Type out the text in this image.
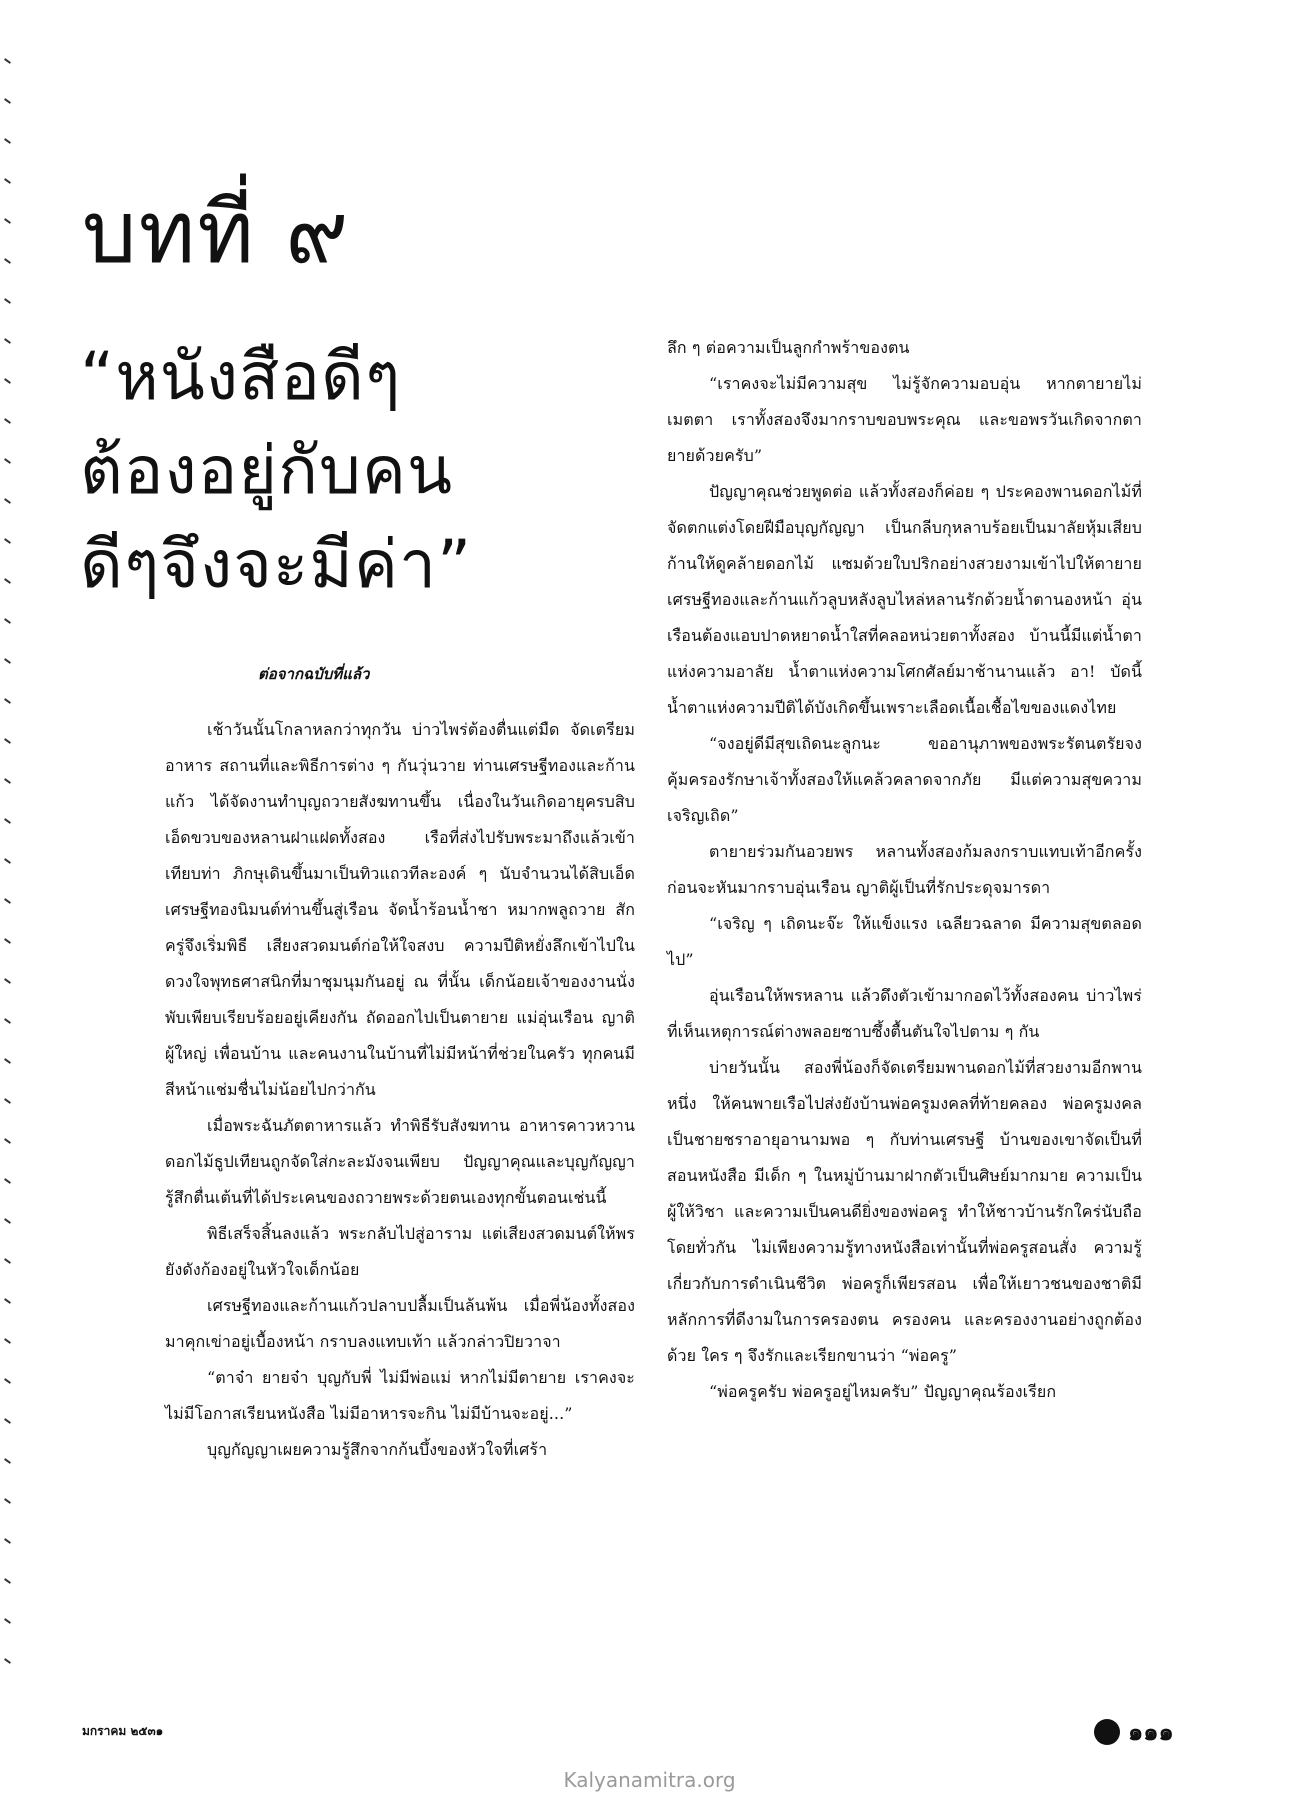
บทที่ ๙
“หนังสือดีๆ
ต้องอยู่กับคน
ดีๆจึงจะมีค่า”
ต่อจากฉบับที่แล้ว

เช้าวันนั้นโกลาหลกว่าทุกวัน บ่าวไพร่ต้องตื่นแต่มืด จัดเตรียมอาหาร สถานที่และพิธีการต่าง ๆ กันวุ่นวาย ท่านเศรษฐีทองและก้านแก้ว ได้จัดงานทำบุญถวายสังฆทานขึ้น เนื่องในวันเกิดอายุครบสิบเอ็ดขวบของหลานฝาแฝดทั้งสอง เรือที่ส่งไปรับพระมาถึงแล้วเข้าเทียบท่า ภิกษุเดินขึ้นมาเป็นทิวแถวทีละองค์ ๆ นับจำนวนได้สิบเอ็ด เศรษฐีทองนิมนต์ท่านขึ้นสู่เรือน จัดน้ำร้อนน้ำชา หมากพลูถวาย สักครู่จึงเริ่มพิธี เสียงสวดมนต์ก่อให้ใจสงบ ความปีติหยั่งลึกเข้าไปในดวงใจพุทธศาสนิกที่มาชุมนุมกันอยู่ ณ ที่นั้น เด็กน้อยเจ้าของงานนั่งพับเพียบเรียบร้อยอยู่เคียงกัน ถัดออกไปเป็นตายาย แม่อุ่นเรือน ญาติผู้ใหญ่ เพื่อนบ้าน และคนงานในบ้านที่ไม่มีหน้าที่ช่วยในครัว ทุกคนมีสีหน้าแช่มชื่นไม่น้อยไปกว่ากัน

เมื่อพระฉันภัตตาหารแล้ว ทำพิธีรับสังฆทาน อาหารคาวหวาน ดอกไม้ธูปเทียนถูกจัดใส่กะละมังจนเพียบ ปัญญาคุณและบุญกัญญารู้สึกตื่นเต้นที่ได้ประเคนของถวายพระด้วยตนเองทุกขั้นตอนเช่นนี้

พิธีเสร็จสิ้นลงแล้ว พระกลับไปสู่อาราม แต่เสียงสวดมนต์ให้พร ยังดังก้องอยู่ในหัวใจเด็กน้อย

เศรษฐีทองและก้านแก้วปลาบปลื้มเป็นล้นพ้น เมื่อพี่น้องทั้งสองมาคุกเข่าอยู่เบื้องหน้า กราบลงแทบเท้า แล้วกล่าวปิยวาจา

“ตาจ๋า ยายจ๋า บุญกับพี่ ไม่มีพ่อแม่ หากไม่มีตายาย เราคงจะไม่มีโอกาสเรียนหนังสือ ไม่มีอาหารจะกิน ไม่มีบ้านจะอยู่...”

บุญกัญญาเผยความรู้สึกจากก้นบึ้งของหัวใจที่เศร้า

ลึก ๆ ต่อความเป็นลูกกำพร้าของตน

“เราคงจะไม่มีความสุข ไม่รู้จักความอบอุ่น หากตายายไม่เมตตา เราทั้งสองจึงมากราบขอบพระคุณ และขอพรวันเกิดจากตายายด้วยครับ”

ปัญญาคุณช่วยพูดต่อ แล้วทั้งสองก็ค่อย ๆ ประคองพานดอกไม้ที่จัดตกแต่งโดยฝีมือบุญกัญญา เป็นกลีบกุหลาบร้อยเป็นมาลัยหุ้มเสียบก้านให้ดูคล้ายดอกไม้ แซมด้วยใบปริกอย่างสวยงามเข้าไปให้ตายาย เศรษฐีทองและก้านแก้วลูบหลังลูบไหล่หลานรักด้วยน้ำตานองหน้า อุ่นเรือนต้องแอบปาดหยาดน้ำใสที่คลอหน่วยตาทั้งสอง บ้านนี้มีแต่น้ำตาแห่งความอาลัย น้ำตาแห่งความโศกศัลย์มาช้านานแล้ว อา! บัดนี้น้ำตาแห่งความปีติได้บังเกิดขึ้นเพราะเลือดเนื้อเชื้อไขของแดงไทย

“จงอยู่ดีมีสุขเถิดนะลูกนะ ขออานุภาพของพระรัตนตรัยจงคุ้มครองรักษาเจ้าทั้งสองให้แคล้วคลาดจากภัย มีแต่ความสุขความเจริญเถิด”

ตายายร่วมกันอวยพร หลานทั้งสองก้มลงกราบแทบเท้าอีกครั้ง ก่อนจะหันมากราบอุ่นเรือน ญาติผู้เป็นที่รักประดุจมารดา

“เจริญ ๆ เถิดนะจ๊ะ ให้แข็งแรง เฉลียวฉลาด มีความสุขตลอดไป”

อุ่นเรือนให้พรหลาน แล้วดึงตัวเข้ามากอดไว้ทั้งสองคน บ่าวไพร่ที่เห็นเหตุการณ์ต่างพลอยซาบซึ้งตื้นตันใจไปตาม ๆ กัน

บ่ายวันนั้น สองพี่น้องก็จัดเตรียมพานดอกไม้ที่สวยงามอีกพานหนึ่ง ให้คนพายเรือไปส่งยังบ้านพ่อครูมงคลที่ท้ายคลอง พ่อครูมงคลเป็นชายชราอายุอานามพอ ๆ กับท่านเศรษฐี บ้านของเขาจัดเป็นที่สอนหนังสือ มีเด็ก ๆ ในหมู่บ้านมาฝากตัวเป็นศิษย์มากมาย ความเป็นผู้ให้วิชา และความเป็นคนดียิ่งของพ่อครู ทำให้ชาวบ้านรักใคร่นับถือโดยทั่วกัน ไม่เพียงความรู้ทางหนังสือเท่านั้นที่พ่อครูสอนสั่ง ความรู้เกี่ยวกับการดำเนินชีวิต พ่อครูก็เพียรสอน เพื่อให้เยาวชนของชาติมีหลักการที่ดีงามในการครองตน ครองคน และครองงานอย่างถูกต้องด้วย ใคร ๆ จึงรักและเรียกขานว่า “พ่อครู”

“พ่อครูครับ พ่อครูอยู่ไหมครับ” ปัญญาคุณร้องเรียก

มกราคม ๒๕๓๑	๑๑๑
Kalyanamitra.org
